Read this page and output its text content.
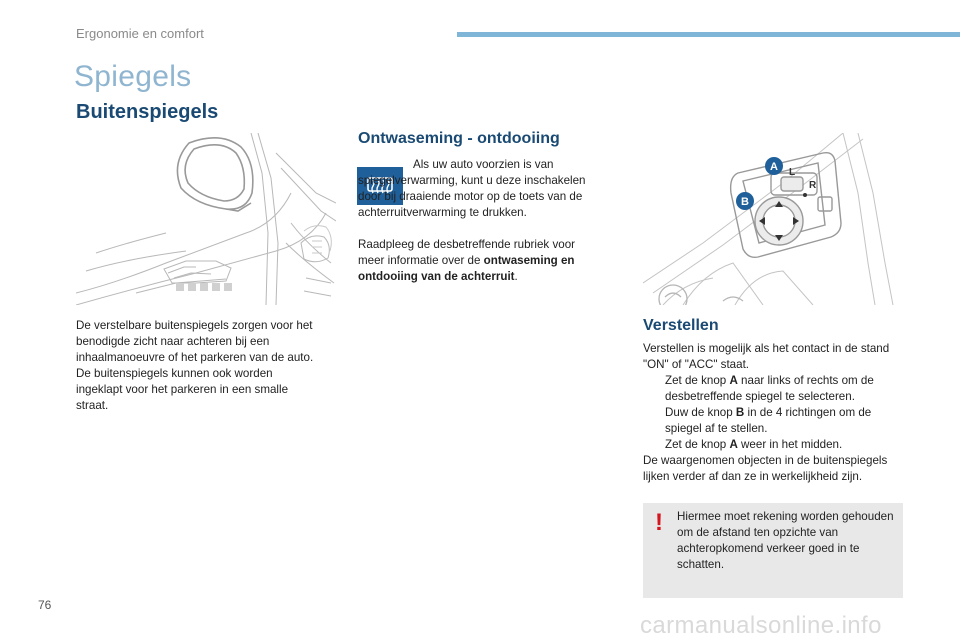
Ergonomie en comfort
Spiegels
Buitenspiegels
De verstelbare buitenspiegels zorgen voor het benodigde zicht naar achteren bij een inhaalmanoeuvre of het parkeren van de auto. De buitenspiegels kunnen ook worden ingeklapt voor het parkeren in een smalle straat.
Ontwaseming - ontdooiing
Als uw auto voorzien is van spiegelverwarming, kunt u deze inschakelen door bij draaiende motor op de toets van de achterruitverwarming te drukken.
Raadpleeg de desbetreffende rubriek voor meer informatie over de ontwaseming en ontdooiing van de achterruit.
A
B
L
R
Verstellen
Verstellen is mogelijk als het contact in de stand "ON" of "ACC" staat.
Zet de knop A naar links of rechts om de desbetreffende spiegel te selecteren.
Duw de knop B in de 4 richtingen om de spiegel af te stellen.
Zet de knop A weer in het midden.
De waargenomen objecten in de buitenspiegels lijken verder af dan ze in werkelijkheid zijn.
! Hiermee moet rekening worden gehouden om de afstand ten opzichte van achteropkomend verkeer goed in te schatten.
76
carmanualsonline.info
